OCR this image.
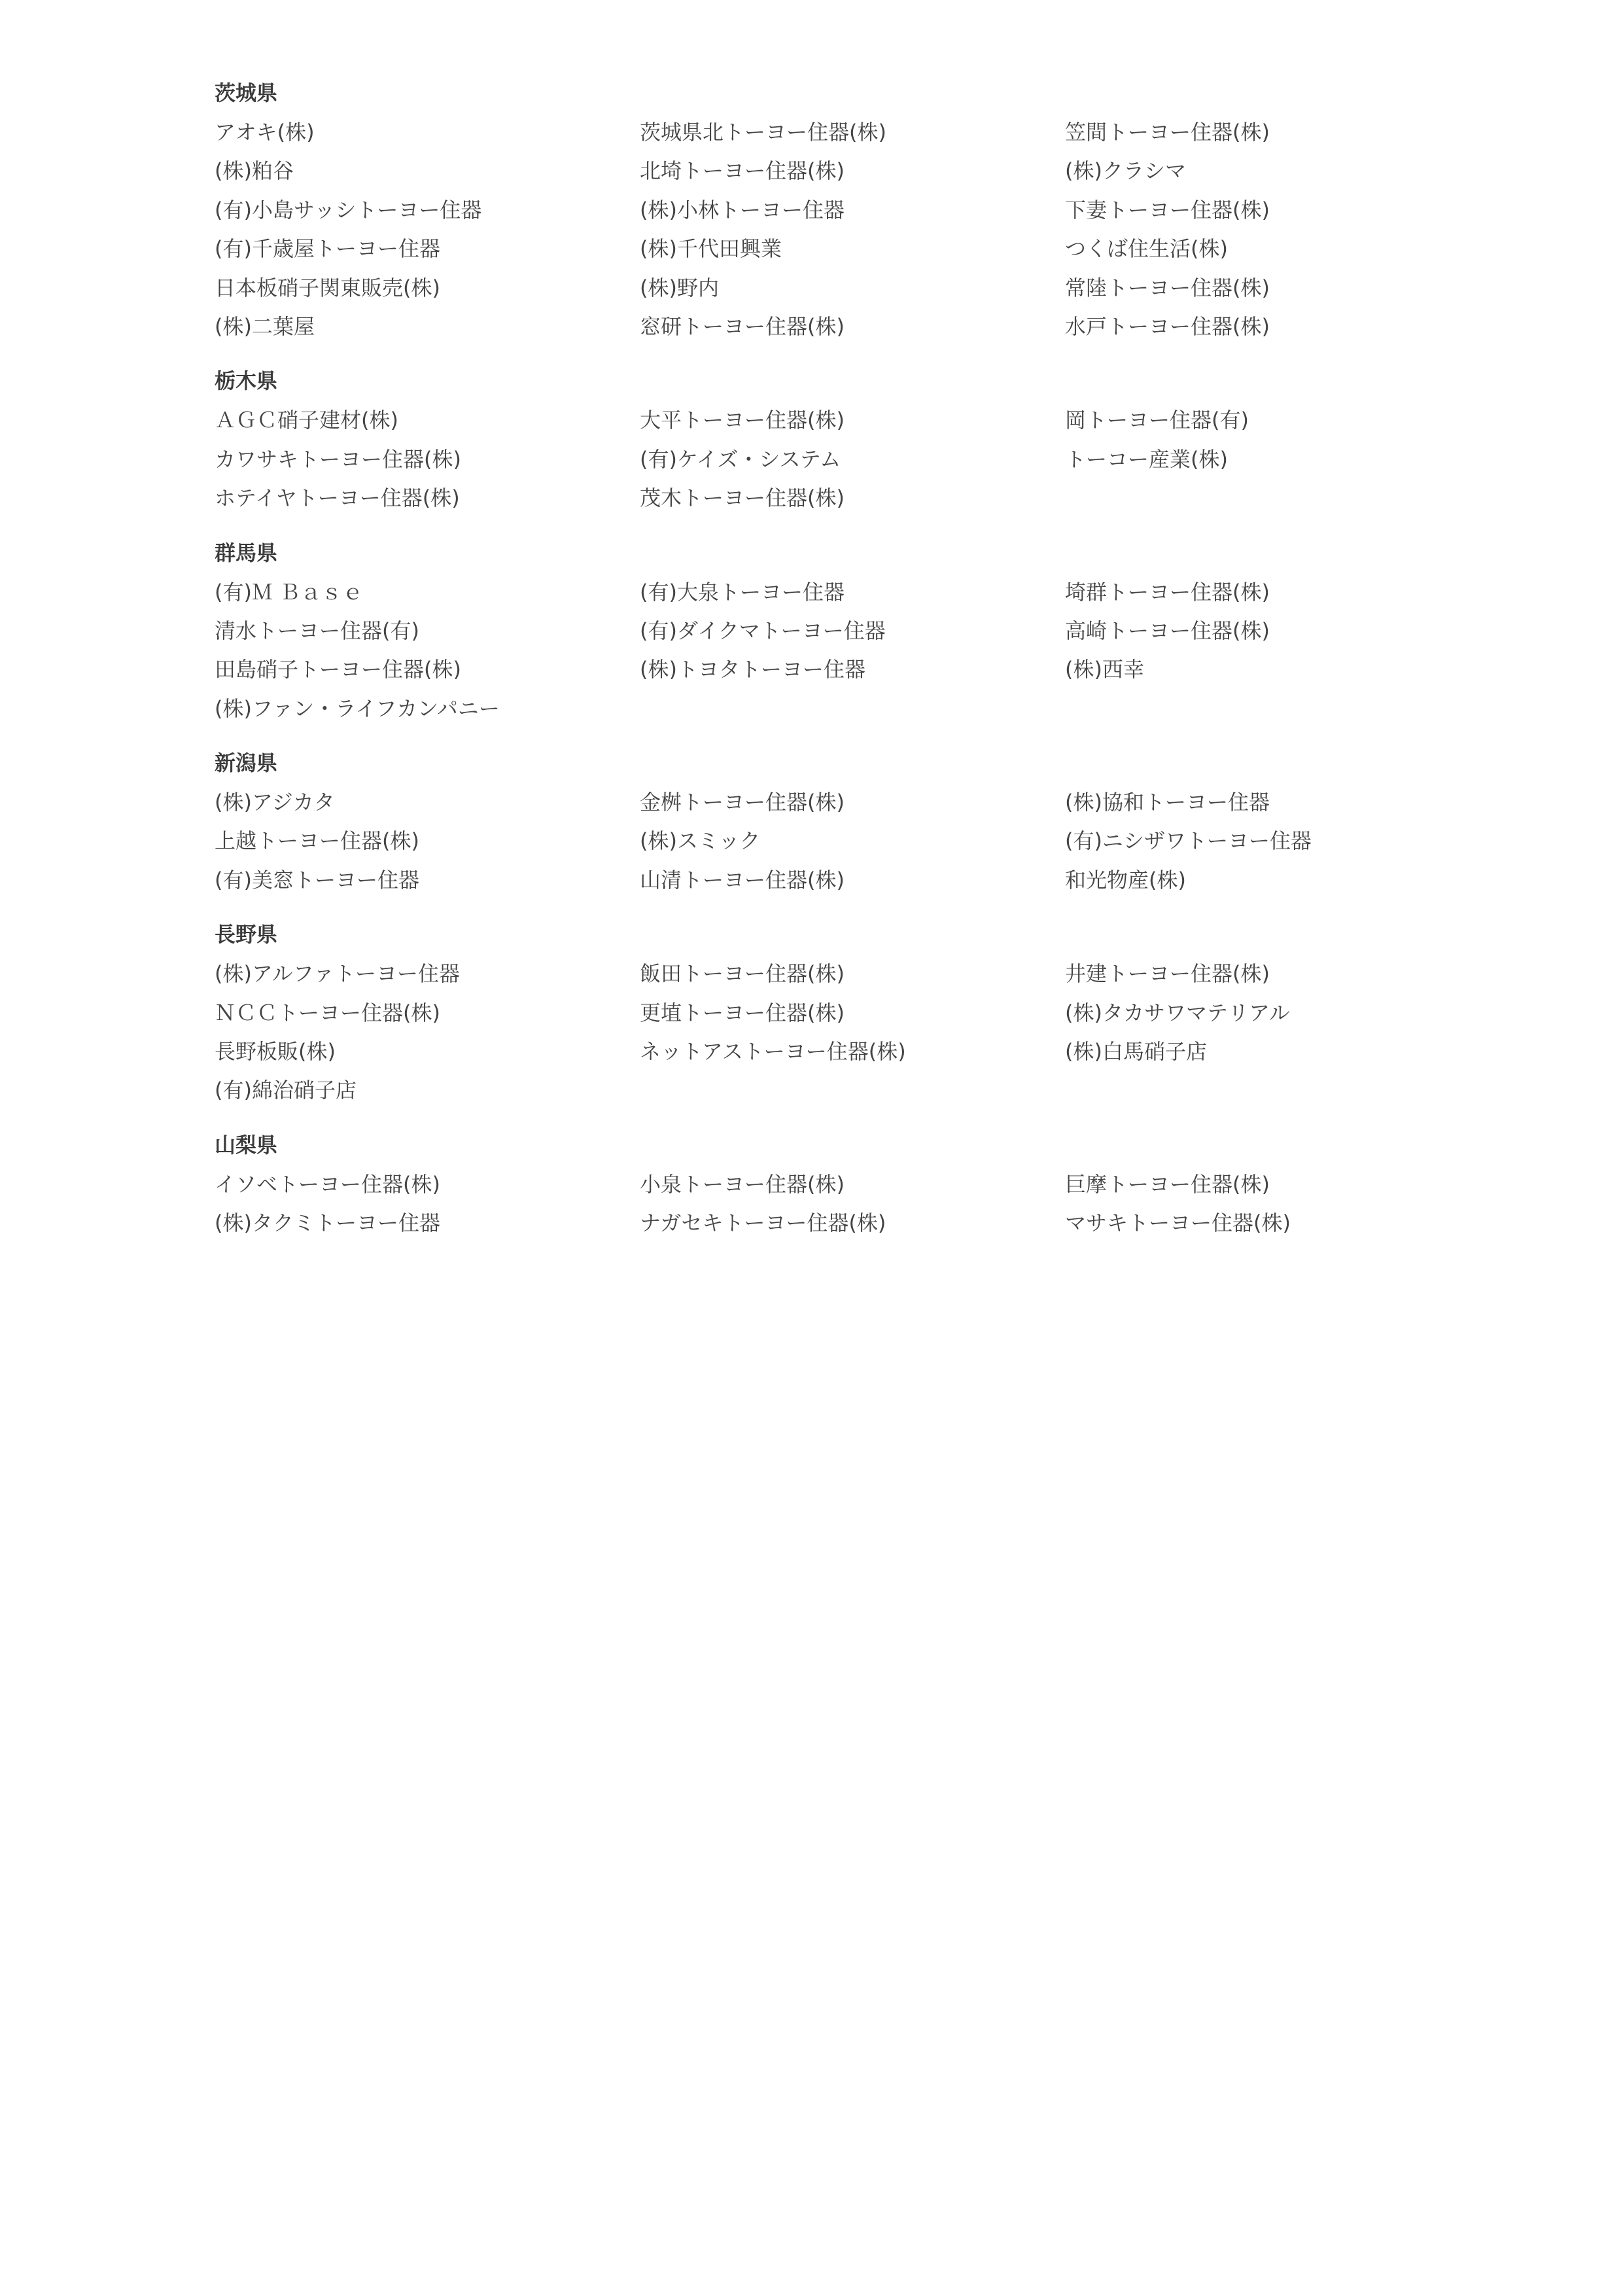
茨城県
アオキ(株)	茨城県北トーヨー住器(株)	笠間トーヨー住器(株)
(株)粕谷	北埼トーヨー住器(株)	(株)クラシマ
(有)小島サッシトーヨー住器	(株)小林トーヨー住器	下妻トーヨー住器(株)
(有)千歳屋トーヨー住器	(株)千代田興業	つくば住生活(株)
日本板硝子関東販売(株)	(株)野内	常陸トーヨー住器(株)
(株)二葉屋	窓研トーヨー住器(株)	水戸トーヨー住器(株)
栃木県
ＡＧＣ硝子建材(株)	大平トーヨー住器(株)	岡トーヨー住器(有)
カワサキトーヨー住器(株)	(有)ケイズ・システム	トーコー産業(株)
ホテイヤトーヨー住器(株)	茂木トーヨー住器(株)
群馬県
(有)Ｍ Ｂａｓｅ	(有)大泉トーヨー住器	埼群トーヨー住器(株)
清水トーヨー住器(有)	(有)ダイクマトーヨー住器	高崎トーヨー住器(株)
田島硝子トーヨー住器(株)	(株)トヨタトーヨー住器	(株)西幸
(株)ファン・ライフカンパニー
新潟県
(株)アジカタ	金桝トーヨー住器(株)	(株)協和トーヨー住器
上越トーヨー住器(株)	(株)スミック	(有)ニシザワトーヨー住器
(有)美窓トーヨー住器	山清トーヨー住器(株)	和光物産(株)
長野県
(株)アルファトーヨー住器	飯田トーヨー住器(株)	井建トーヨー住器(株)
ＮＣＣトーヨー住器(株)	更埴トーヨー住器(株)	(株)タカサワマテリアル
長野板販(株)	ネットアストーヨー住器(株)	(株)白馬硝子店
(有)綿治硝子店
山梨県
イソベトーヨー住器(株)	小泉トーヨー住器(株)	巨摩トーヨー住器(株)
(株)タクミトーヨー住器	ナガセキトーヨー住器(株)	マサキトーヨー住器(株)
